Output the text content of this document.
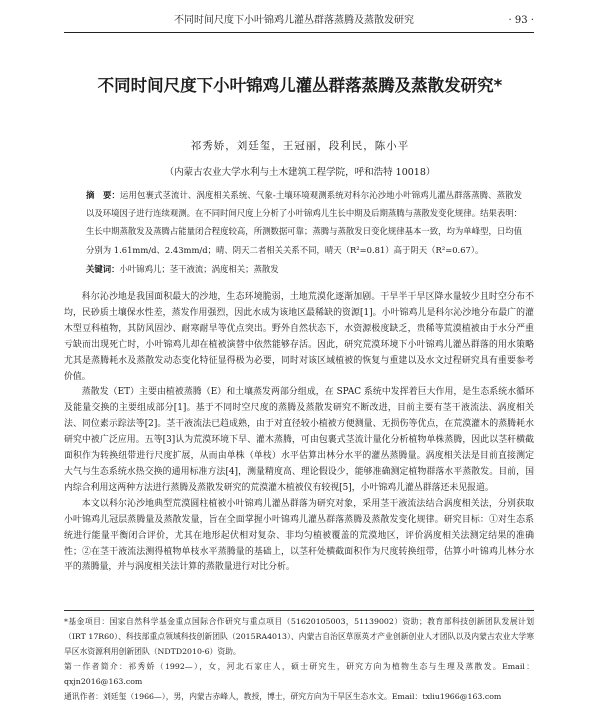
不同时间尺度下小叶锦鸡儿灌丛群落蒸腾及蒸散发研究	· 93 ·
不同时间尺度下小叶锦鸡儿灌丛群落蒸腾及蒸散发研究*
祁秀娇，刘廷玺，王冠丽，段利民，陈小平
（内蒙古农业大学水利与土木建筑工程学院，呼和浩特 10018）
摘　要：运用包裹式茎流计、涡度相关系统、气象-土壤环境观测系统对科尔沁沙地小叶锦鸡儿灌丛群落蒸腾、蒸散发以及环境因子进行连续观测。在不同时间尺度上分析了小叶锦鸡儿生长中期及后期蒸腾与蒸散发变化规律。结果表明：生长中期蒸散发及蒸腾占能量闭合程度较高，所测数据可靠；蒸腾与蒸散发日变化规律基本一致，均为单峰型，日均值分别为 1.61mm/d、2.43mm/d；晴、阴天二者相关关系不同，晴天（R²=0.81）高于阴天（R²=0.67）。
关键词：小叶锦鸡儿；茎干液流；涡度相关；蒸散发

科尔沁沙地是我国面积最大的沙地，生态环境脆弱，土地荒漠化逐渐加剧。干旱半干旱区降水量较少且时空分布不均，民砂质土壤保水性差，蒸发作用强烈，因此水成为该地区最稀缺的资源[1]。小叶锦鸡儿是科尔沁沙地分布最广的灌木型豆科植物，其防风固沙、耐寒耐旱等优点突出。野外自然状态下，水资源极度缺乏，贵稀等荒漠植被由于水分严重亏缺而出现死亡时，小叶锦鸡儿却在植被演替中依然能够存活。因此，研究荒漠环境下小叶锦鸡儿灌丛群落的用水策略尤其是蒸腾耗水及蒸散发动态变化特征显得极为必要，同时对该区域植被的恢复与重建以及水文过程研究具有重要参考价值。

蒸散发（ET）主要由植被蒸腾（E）和土壤蒸发两部分组成，在 SPAC 系统中发挥着巨大作用，是生态系统水循环及能量交换的主要组成部分[1]。基于不同时空尺度的蒸腾及蒸散发研究不断改进，目前主要有茎干液流法、涡度相关法、同位素示踪法等[2]。茎干液流法已趋成熟，由于对直径较小植被方便测量、无损伤等优点，在荒漠灌木的蒸腾耗水研究中被广泛应用。五等[3]认为荒漠环境下早、灌木蒸腾，可由包裹式茎流计量化分析植物单株蒸腾，因此以茎秆横截面积作为转换纽带进行尺度扩展，从而由单株（单枝）水平估算出林分水平的灌丛蒸腾量。涡度相关法是目前直接测定大气与生态系统水热交换的通用标准方法[4]，测量精度高、理论假设少，能够准确测定植物群落水平蒸散发。目前，国内综合利用这两种方法进行蒸腾及蒸散发研究的荒漠灌木植被仪有较视[5]，小叶锦鸡儿灌丛群落还未见报道。

本文以科尔沁沙地典型荒漠圆柱植被小叶锦鸡儿灌丛群落为研究对象，采用茎干液流法结合涡度相关法，分别获取小叶锦鸡儿冠层蒸腾量及蒸散发量，旨在全面掌握小叶锦鸡儿灌丛群落蒸腾及蒸散发变化规律。研究目标：①对生态系统进行能量平衡闭合评价，尤其在地形起伏相对复杂、非均匀植被覆盖的荒漠地区，评价涡度相关法测定结果的准确性；②在茎干液流法测得植物单枝水平蒸腾量的基础上，以茎秆处横截面积作为尺度转换纽带，估算小叶锦鸡儿林分水平的蒸腾量，并与涡度相关法计算的蒸散量进行对比分析。

*基金项目：国家自然科学基金重点国际合作研究与重点项目（51620105003，51139002）资助；教育部科技创新团队发展计划（IRT 17R60）、科技部重点领域科技创新团队（2015RA4013）、内蒙古自治区草原英才产业创新创业人才团队以及内蒙古农业大学寒旱区水资源利用创新团队（NDTD2010-6）资助。

第一作者简介：祁秀娇（1992—），女，河北石家庄人，硕士研究生，研究方向为植物生态与生理及蒸散发。Email：qxjn2016@163.com

通讯作者：刘廷玺（1966—），男，内蒙古赤峰人，教授，博士，研究方向为干旱区生态水文。Email：txliu1966@163.com
